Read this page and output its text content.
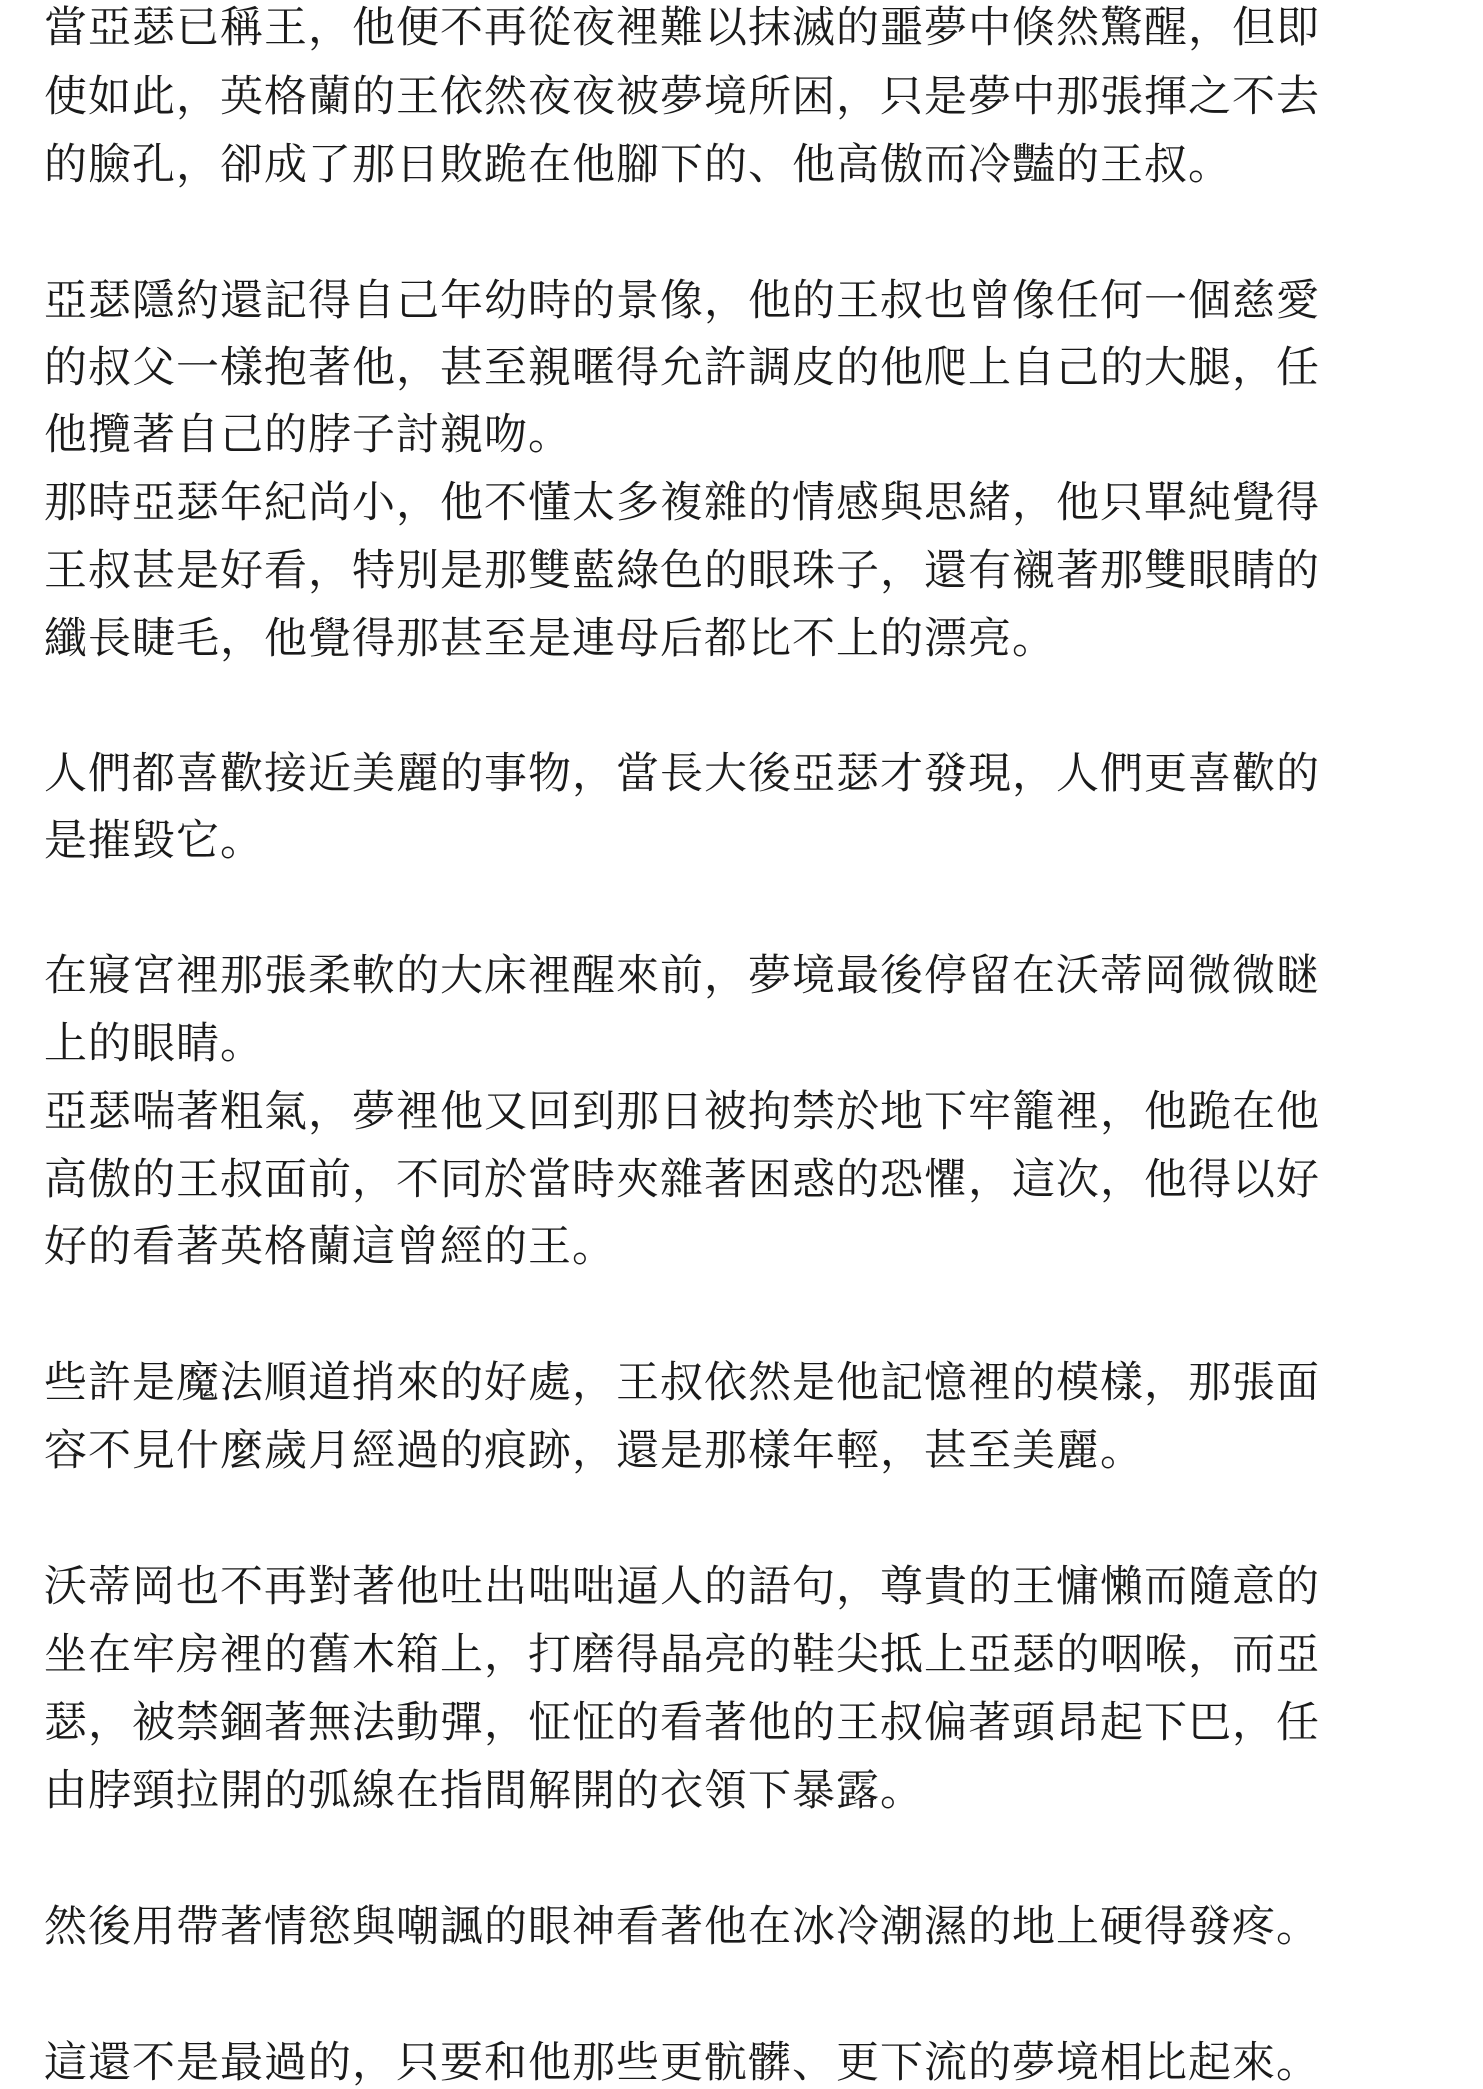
當亞瑟已稱王，他便不再從夜裡難以抹滅的噩夢中倏然驚醒，但即

使如此，英格蘭的王依然夜夜被夢境所困，只是夢中那張揮之不去

的臉孔，卻成了那日敗跪在他腳下的、他高傲而冷豔的王叔。

亞瑟隱約還記得自己年幼時的景像，他的王叔也曾像任何一個慈愛

的叔父一樣抱著他，甚至親暱得允許調皮的他爬上自己的大腿，任

他攬著自己的脖子討親吻。

那時亞瑟年紀尚小，他不懂太多複雜的情感與思緒，他只單純覺得

王叔甚是好看，特別是那雙藍綠色的眼珠子，還有襯著那雙眼睛的

纖長睫毛，他覺得那甚至是連母后都比不上的漂亮。

人們都喜歡接近美麗的事物，當長大後亞瑟才發現，人們更喜歡的

是摧毀它。

在寢宮裡那張柔軟的大床裡醒來前，夢境最後停留在沃蒂岡微微瞇

上的眼睛。

亞瑟喘著粗氣，夢裡他又回到那日被拘禁於地下牢籠裡，他跪在他

高傲的王叔面前，不同於當時夾雜著困惑的恐懼，這次，他得以好

好的看著英格蘭這曾經的王。

些許是魔法順道捎來的好處，王叔依然是他記憶裡的模樣，那張面

容不見什麼歲月經過的痕跡，還是那樣年輕，甚至美麗。

沃蒂岡也不再對著他吐出咄咄逼人的語句，尊貴的王慵懶而隨意的

坐在牢房裡的舊木箱上，打磨得晶亮的鞋尖抵上亞瑟的咽喉，而亞

瑟，被禁錮著無法動彈，怔怔的看著他的王叔偏著頭昂起下巴，任

由脖頸拉開的弧線在指間解開的衣領下暴露。

然後用帶著情慾與嘲諷的眼神看著他在冰冷潮濕的地上硬得發疼。

這還不是最過的，只要和他那些更骯髒、更下流的夢境相比起來。
